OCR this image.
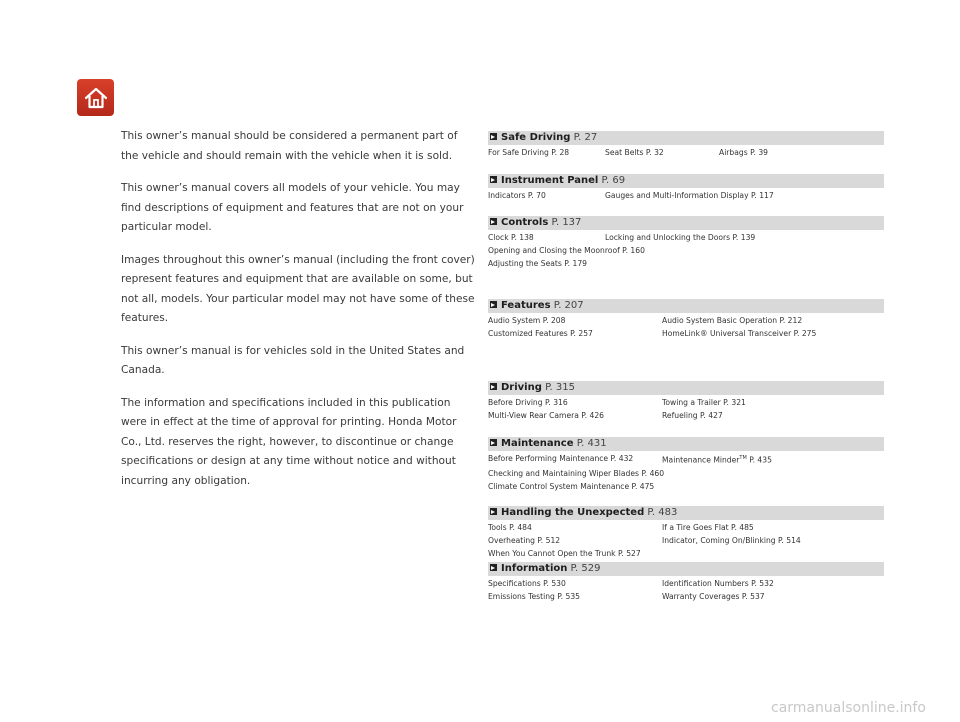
This owner’s manual should be considered a permanent part of the vehicle and should remain with the vehicle when it is sold.

This owner’s manual covers all models of your vehicle. You may find descriptions of equipment and features that are not on your particular model.

Images throughout this owner’s manual (including the front cover) represent features and equipment that are available on some, but not all, models. Your particular model may not have some of these features.

This owner’s manual is for vehicles sold in the United States and Canada.

The information and specifications included in this publication were in effect at the time of approval for printing. Honda Motor Co., Ltd. reserves the right, however, to discontinue or change specifications or design at any time without notice and without incurring any obligation.

Safe Driving P. 27
For Safe Driving P. 28	Seat Belts P. 32	Airbags P. 39
Instrument Panel P. 69
Indicators P. 70	Gauges and Multi-Information Display P. 117
Controls P. 137
Clock P. 138	Locking and Unlocking the Doors P. 139
Opening and Closing the Moonroof P. 160
Adjusting the Seats P. 179
Features P. 207
Audio System P. 208	Audio System Basic Operation P. 212
Customized Features P. 257	HomeLink® Universal Transceiver P. 275
Driving P. 315
Before Driving P. 316	Towing a Trailer P. 321
Multi-View Rear Camera P. 426	Refueling P. 427
Maintenance P. 431
Before Performing Maintenance P. 432	Maintenance Minder™ P. 435
Checking and Maintaining Wiper Blades P. 460
Climate Control System Maintenance P. 475
Handling the Unexpected P. 483
Tools P. 484	If a Tire Goes Flat P. 485
Overheating P. 512	Indicator, Coming On/Blinking P. 514
When You Cannot Open the Trunk P. 527
Information P. 529
Specifications P. 530	Identification Numbers P. 532
Emissions Testing P. 535	Warranty Coverages P. 537
carmanualsonline.info
